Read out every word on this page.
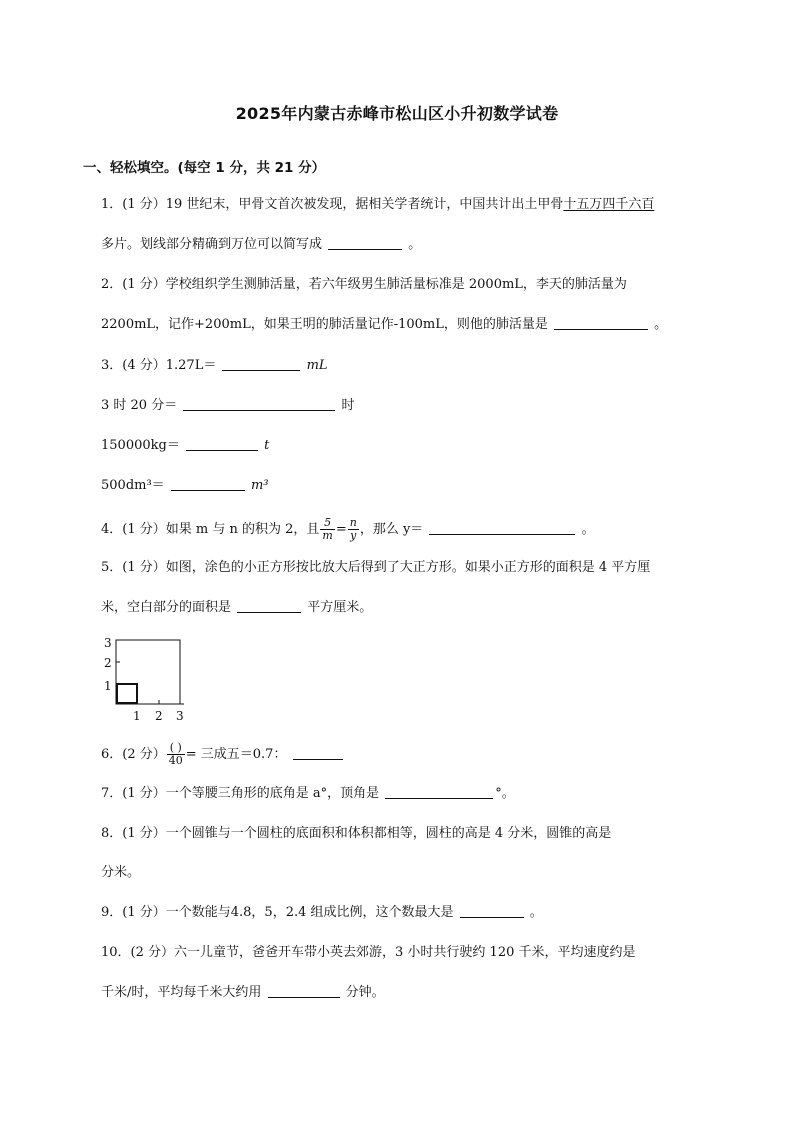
2025年内蒙古赤峰市松山区小升初数学试卷
一、轻松填空。(每空 1 分，共 21 分）
1．(1 分）19 世纪末，甲骨文首次被发现，据相关学者统计，中国共计出土甲骨十五万四千六百
多片。划线部分精确到万位可以简写成	。
2．(1 分）学校组织学生测肺活量，若六年级男生肺活量标准是 2000mL，李天的肺活量为
2200mL，记作+200mL，如果王明的肺活量记作-100mL，则他的肺活量是	。
3．(4 分）1.27L＝	mL
3 时 20 分＝	时
150000kg＝	t
500dm³＝	m³
4．(1 分）如果 m 与 n 的积为 2，且 $\frac{5}{m} = \frac{n}{y}$ ，那么 y＝	。
5．(1 分）如图，涂色的小正方形按比放大后得到了大正方形。如果小正方形的面积是 4 平方厘
米，空白部分的面积是	平方厘米。
1
2
3
1 2 3
6．(2 分） $\frac{( )}{40}$ = 三成五＝0.7：
7．(1 分）一个等腰三角形的底角是 a°，顶角是	°。
8．(1 分）一个圆锥与一个圆柱的底面积和体积都相等，圆柱的高是 4 分米，圆锥的高是
分米。
9．(1 分）一个数能与4.8，5，2.4 组成比例，这个数最大是	。
10．(2 分）六一儿童节，爸爸开车带小英去郊游，3 小时共行驶约 120 千米，平均速度约是
千米/时，平均每千米大约用	分钟。
